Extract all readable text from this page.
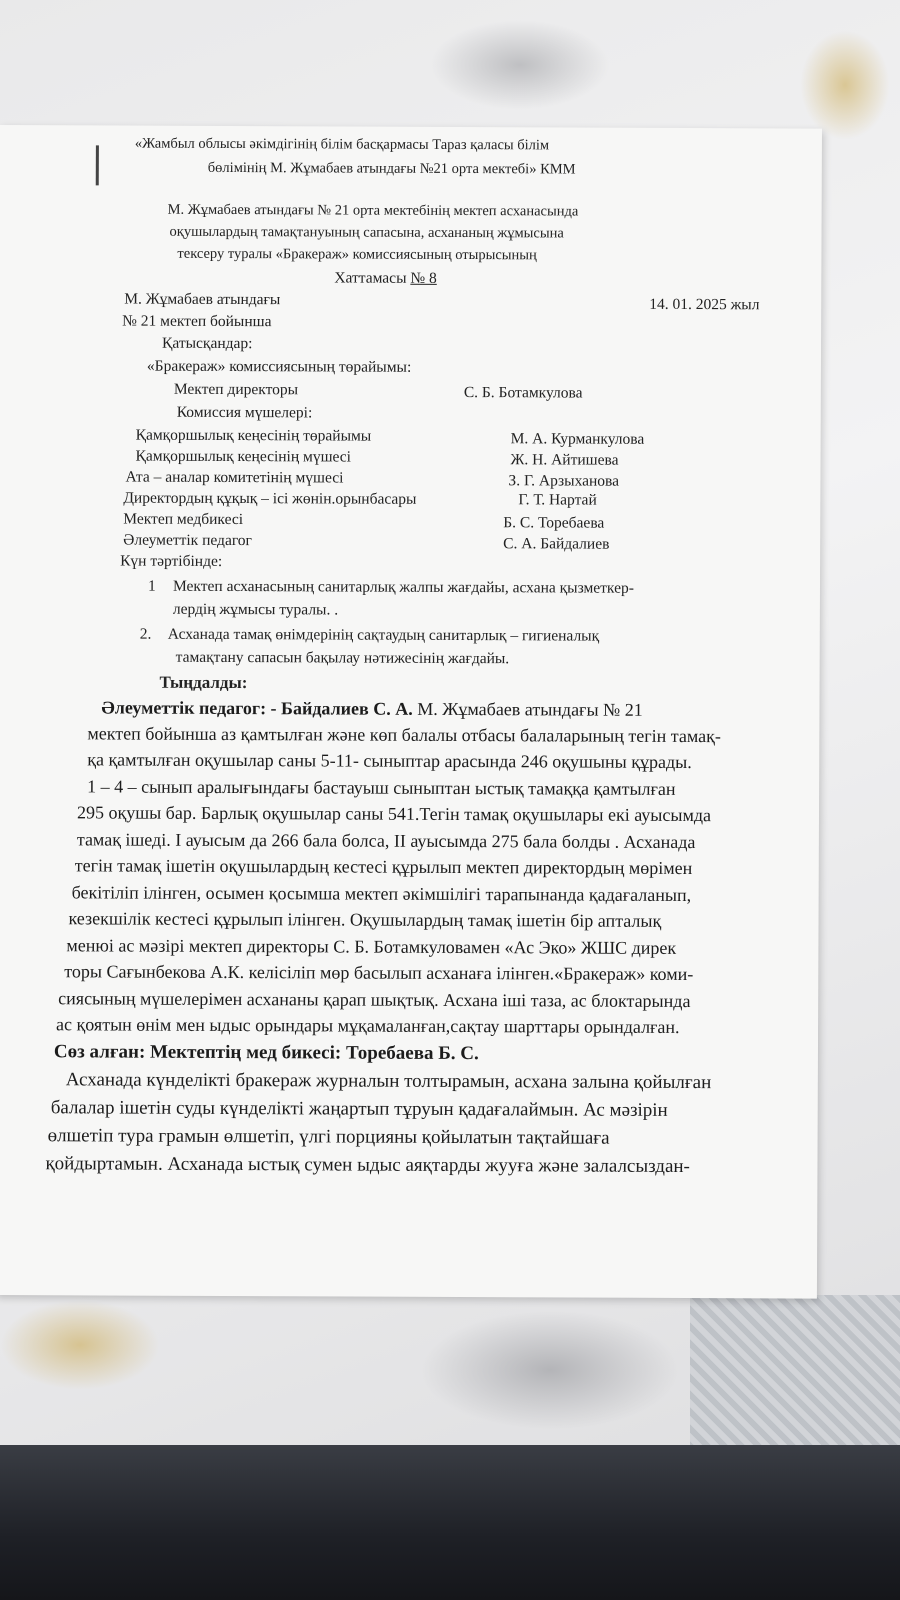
«Жамбыл облысы әкімдігінің білім басқармасы Тараз қаласы білім
бөлімінің М. Жұмабаев атындағы №21 орта мектебі» КММ
М. Жұмабаев атындағы № 21 орта мектебінің мектеп асханасында
оқушылардың тамақтануының сапасына, асхананың жұмысына
тексеру туралы «Бракераж» комиссиясының отырысының
Хаттамасы № 8
М. Жұмабаев атындағы	14. 01. 2025 жыл
№ 21 мектеп бойынша
Қатысқандар:
«Бракераж» комиссиясының төрайымы:
Мектеп директоры	С. Б. Ботамкулова
Комиссия мүшелері:
Қамқоршылық кеңесінің төрайымы	М. А. Курманкулова
Қамқоршылық кеңесінің мүшесі	Ж. Н. Айтишева
Ата – аналар комитетінің мүшесі	З. Г. Арзыханова
Директордың құқық – ісі жөнін.орынбасары	Г. Т. Нартай
Мектеп медбикесі	Б. С. Торебаева
Әлеуметтік педагог	С. А. Байдалиев
Күн тәртібінде:
1 Мектеп асханасының санитарлық жалпы жағдайы, асхана қызметкер-
лердің жұмысы туралы. .
2. Асханада тамақ өнімдерінің сақтаудың санитарлық – гигиеналық
тамақтану сапасын бақылау нәтижесінің жағдайы.
Тыңдалды:
Әлеуметтік педагог: - Байдалиев С. А. М. Жұмабаев атындағы № 21
мектеп бойынша аз қамтылған және көп балалы отбасы балаларының тегін тамақ-
қа қамтылған оқушылар саны 5-11- сыныптар арасында 246 оқушыны құрады.
1 – 4 – сынып аралығындағы бастауыш сыныптан ыстық тамаққа қамтылған
295 оқушы бар. Барлық оқушылар саны 541.Тегін тамақ оқушылары екі ауысымда
тамақ ішеді. І ауысым да 266 бала болса, ІІ ауысымда 275 бала болды . Асханада
тегін тамақ ішетін оқушылардың кестесі құрылып мектеп директордың мөрімен
бекітіліп ілінген, осымен қосымша мектеп әкімшілігі тарапынанда қадағаланып,
кезекшілік кестесі құрылып ілінген. Оқушылардың тамақ ішетін бір апталық
менюі ас мәзірі мектеп директоры С. Б. Ботамкуловамен «Ас Эко» ЖШС дирек
торы Сағынбекова А.К. келісіліп мөр басылып асханаға ілінген.«Бракераж» коми-
сиясының мүшелерімен асхананы қарап шықтық. Асхана іші таза, ас блоктарында
ас қоятын өнім мен ыдыс орындары мұқамаланған,сақтау шарттары орындалған.
Сөз алған: Мектептің мед бикесі: Торебаева Б. С.
Асханада күнделікті бракераж журналын толтырамын, асхана залына қойылған
балалар ішетін суды күнделікті жаңартып тұруын қадағалаймын. Ас мәзірін
өлшетіп тура грамын өлшетіп, үлгі порцияны қойылатын тақтайшаға
қойдыртамын. Асханада ыстық сумен ыдыс аяқтарды жууға және залалсыздан-
